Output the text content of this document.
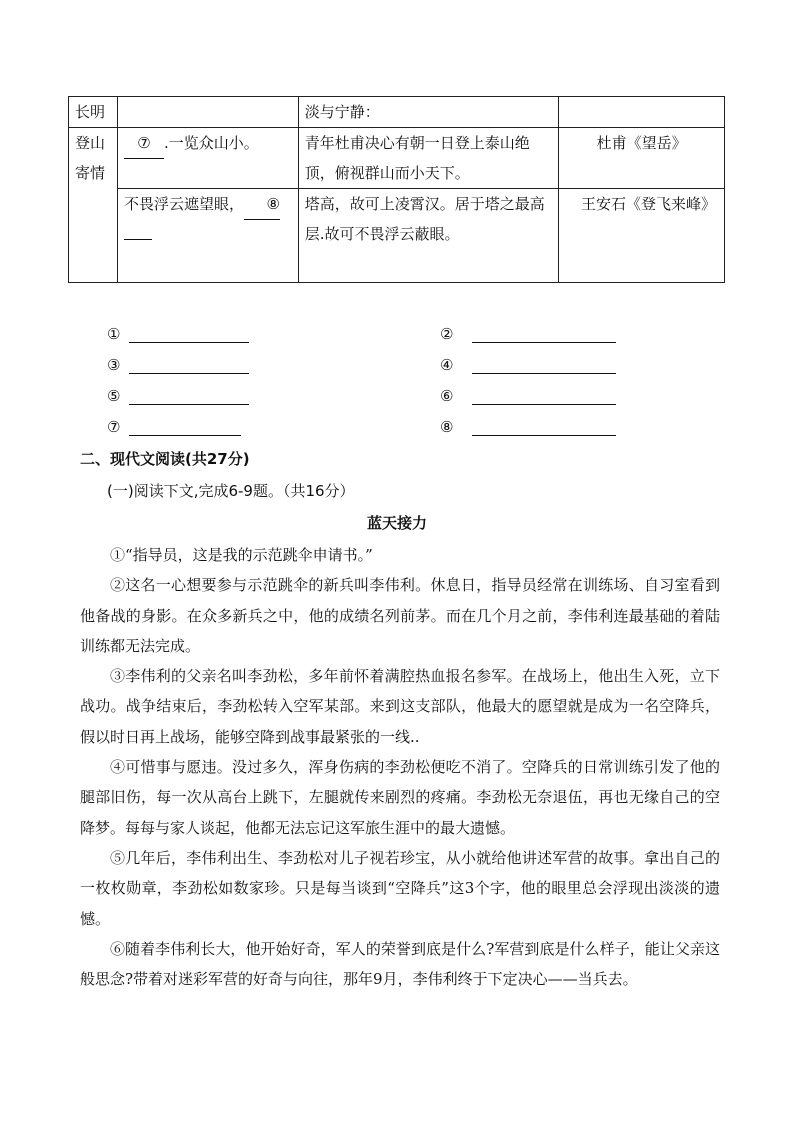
长明		淡与宁静：	
登山寄情	⑦ .一览众山小。	青年杜甫决心有朝一日登上泰山绝顶，俯视群山而小天下。	杜甫《望岳》
	不畏浮云遮望眼， ⑧	塔高，故可上凌霄汉。居于塔之最高层.故可不畏浮云蔽眼。	王安石《登飞来峰》
①	②
③	④
⑤	⑥
⑦	⑧
二、现代文阅读(共27分)
(一)阅读下文,完成6-9题。（共16分）
蓝天接力

①“指导员，这是我的示范跳伞申请书。”

②这名一心想要参与示范跳伞的新兵叫李伟利。休息日，指导员经常在训练场、自习室看到他备战的身影。在众多新兵之中，他的成绩名列前茅。而在几个月之前，李伟利连最基础的着陆训练都无法完成。

③李伟利的父亲名叫李劲松，多年前怀着满腔热血报名参军。在战场上，他出生入死，立下战功。战争结束后，李劲松转入空军某部。来到这支部队，他最大的愿望就是成为一名空降兵，假以时日再上战场，能够空降到战事最紧张的一线..

④可惜事与愿违。没过多久，浑身伤病的李劲松便吃不消了。空降兵的日常训练引发了他的腿部旧伤，每一次从高台上跳下，左腿就传来剧烈的疼痛。李劲松无奈退伍，再也无缘自己的空降梦。每每与家人谈起，他都无法忘记这军旅生涯中的最大遗憾。

⑤几年后，李伟利出生、李劲松对儿子视若珍宝，从小就给他讲述军营的故事。拿出自己的一枚枚勋章，李劲松如数家珍。只是每当谈到“空降兵”这3个字，他的眼里总会浮现出淡淡的遗憾。

⑥随着李伟利长大，他开始好奇，军人的荣誉到底是什么?军营到底是什么样子，能让父亲这般思念?带着对迷彩军营的好奇与向往，那年9月，李伟利终于下定决心——当兵去。
